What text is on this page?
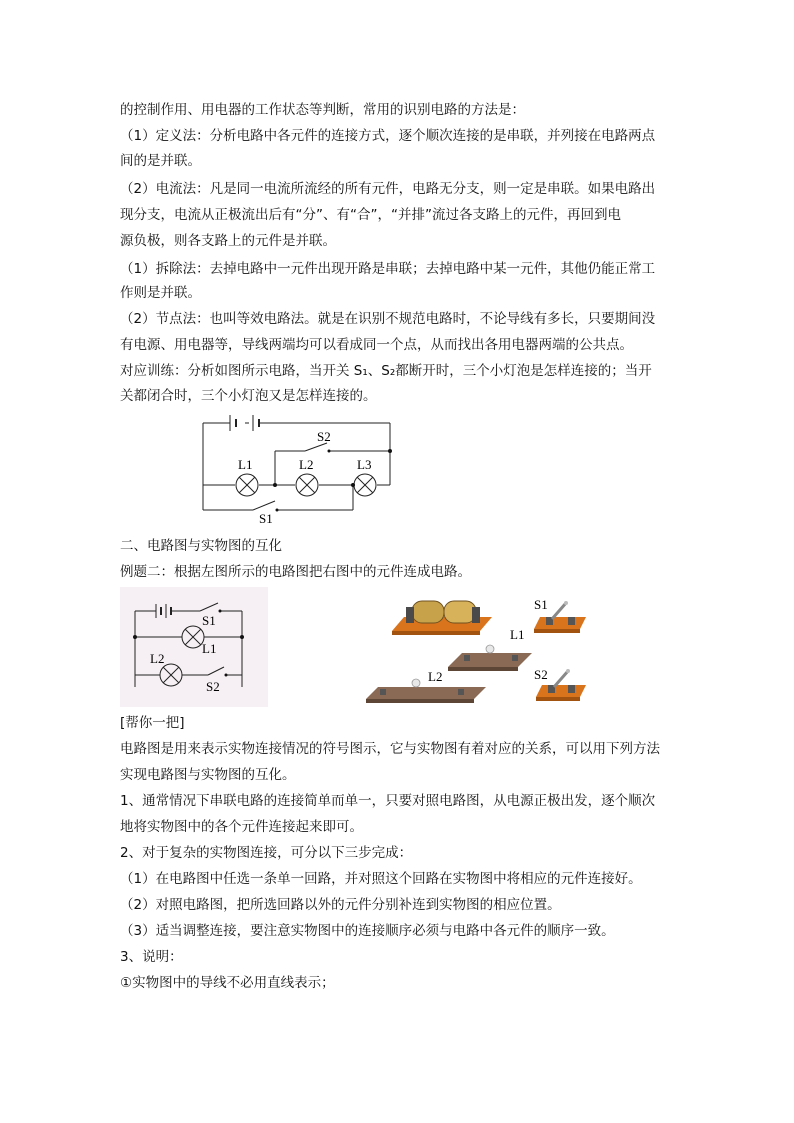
的控制作用、用电器的工作状态等判断，常用的识别电路的方法是：
（1）定义法：分析电路中各元件的连接方式，逐个顺次连接的是串联，并列接在电路两点
间的是并联。
（2）电流法：凡是同一电流所流经的所有元件，电路无分支，则一定是串联。如果电路出
现分支，电流从正极流出后有“分”、有“合”，“并排”流过各支路上的元件，再回到电
源负极，则各支路上的元件是并联。
（1）拆除法：去掉电路中一元件出现开路是串联；去掉电路中某一元件，其他仍能正常工
作则是并联。
（2）节点法：也叫等效电路法。就是在识别不规范电路时，不论导线有多长，只要期间没
有电源、用电器等，导线两端均可以看成同一个点，从而找出各用电器两端的公共点。
对应训练：分析如图所示电路，当开关 S₁、S₂都断开时，三个小灯泡是怎样连接的；当开
关都闭合时，三个小灯泡又是怎样连接的。
S2
L1	L2	L3
S1
二、电路图与实物图的互化
例题二：根据左图所示的电路图把右图中的元件连成电路。
S1
L1
L2
S2
S1
L1
L2	S2
[帮你一把]
电路图是用来表示实物连接情况的符号图示，它与实物图有着对应的关系，可以用下列方法
实现电路图与实物图的互化。
1、通常情况下串联电路的连接简单而单一，只要对照电路图，从电源正极出发，逐个顺次
地将实物图中的各个元件连接起来即可。
2、对于复杂的实物图连接，可分以下三步完成：
（1）在电路图中任选一条单一回路，并对照这个回路在实物图中将相应的元件连接好。
（2）对照电路图，把所选回路以外的元件分别补连到实物图的相应位置。
（3）适当调整连接，要注意实物图中的连接顺序必须与电路中各元件的顺序一致。
3、说明：
①实物图中的导线不必用直线表示；
